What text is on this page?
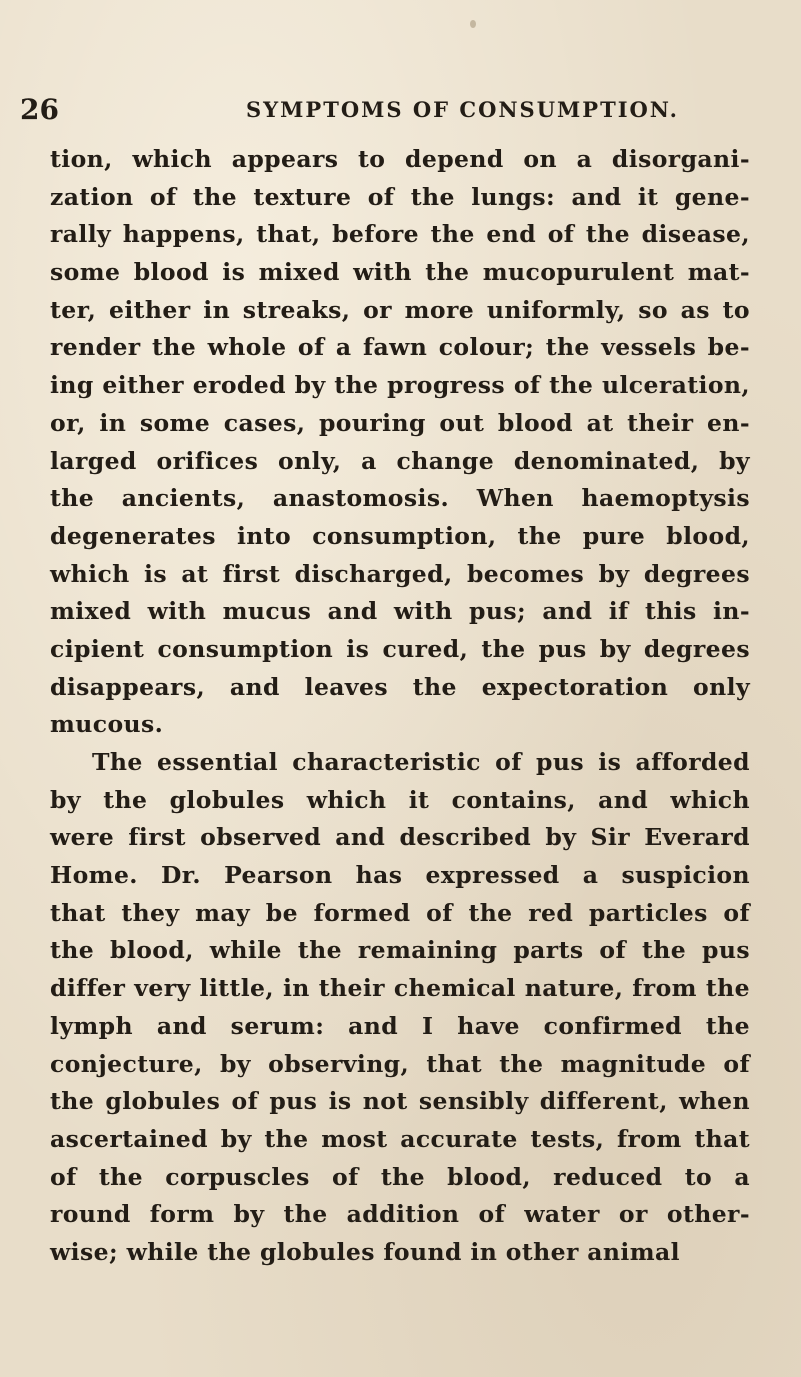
26	SYMPTOMS OF CONSUMPTION.
tion, which appears to depend on a disorgani-
zation of the texture of the lungs: and it gene-
rally happens, that, before the end of the disease,
some blood is mixed with the mucopurulent mat-
ter, either in streaks, or more uniformly, so as to
render the whole of a fawn colour; the vessels be-
ing either eroded by the progress of the ulceration,
or, in some cases, pouring out blood at their en-
larged orifices only, a change denominated, by
the ancients, anastomosis. When haemoptysis
degenerates into consumption, the pure blood,
which is at first discharged, becomes by degrees
mixed with mucus and with pus; and if this in-
cipient consumption is cured, the pus by degrees
disappears, and leaves the expectoration only
mucous.
The essential characteristic of pus is afforded
by the globules which it contains, and which
were first observed and described by Sir Everard
Home. Dr. Pearson has expressed a suspicion
that they may be formed of the red particles of
the blood, while the remaining parts of the pus
differ very little, in their chemical nature, from the
lymph and serum: and I have confirmed the
conjecture, by observing, that the magnitude of
the globules of pus is not sensibly different, when
ascertained by the most accurate tests, from that
of the corpuscles of the blood, reduced to a
round form by the addition of water or other-
wise; while the globules found in other animal
